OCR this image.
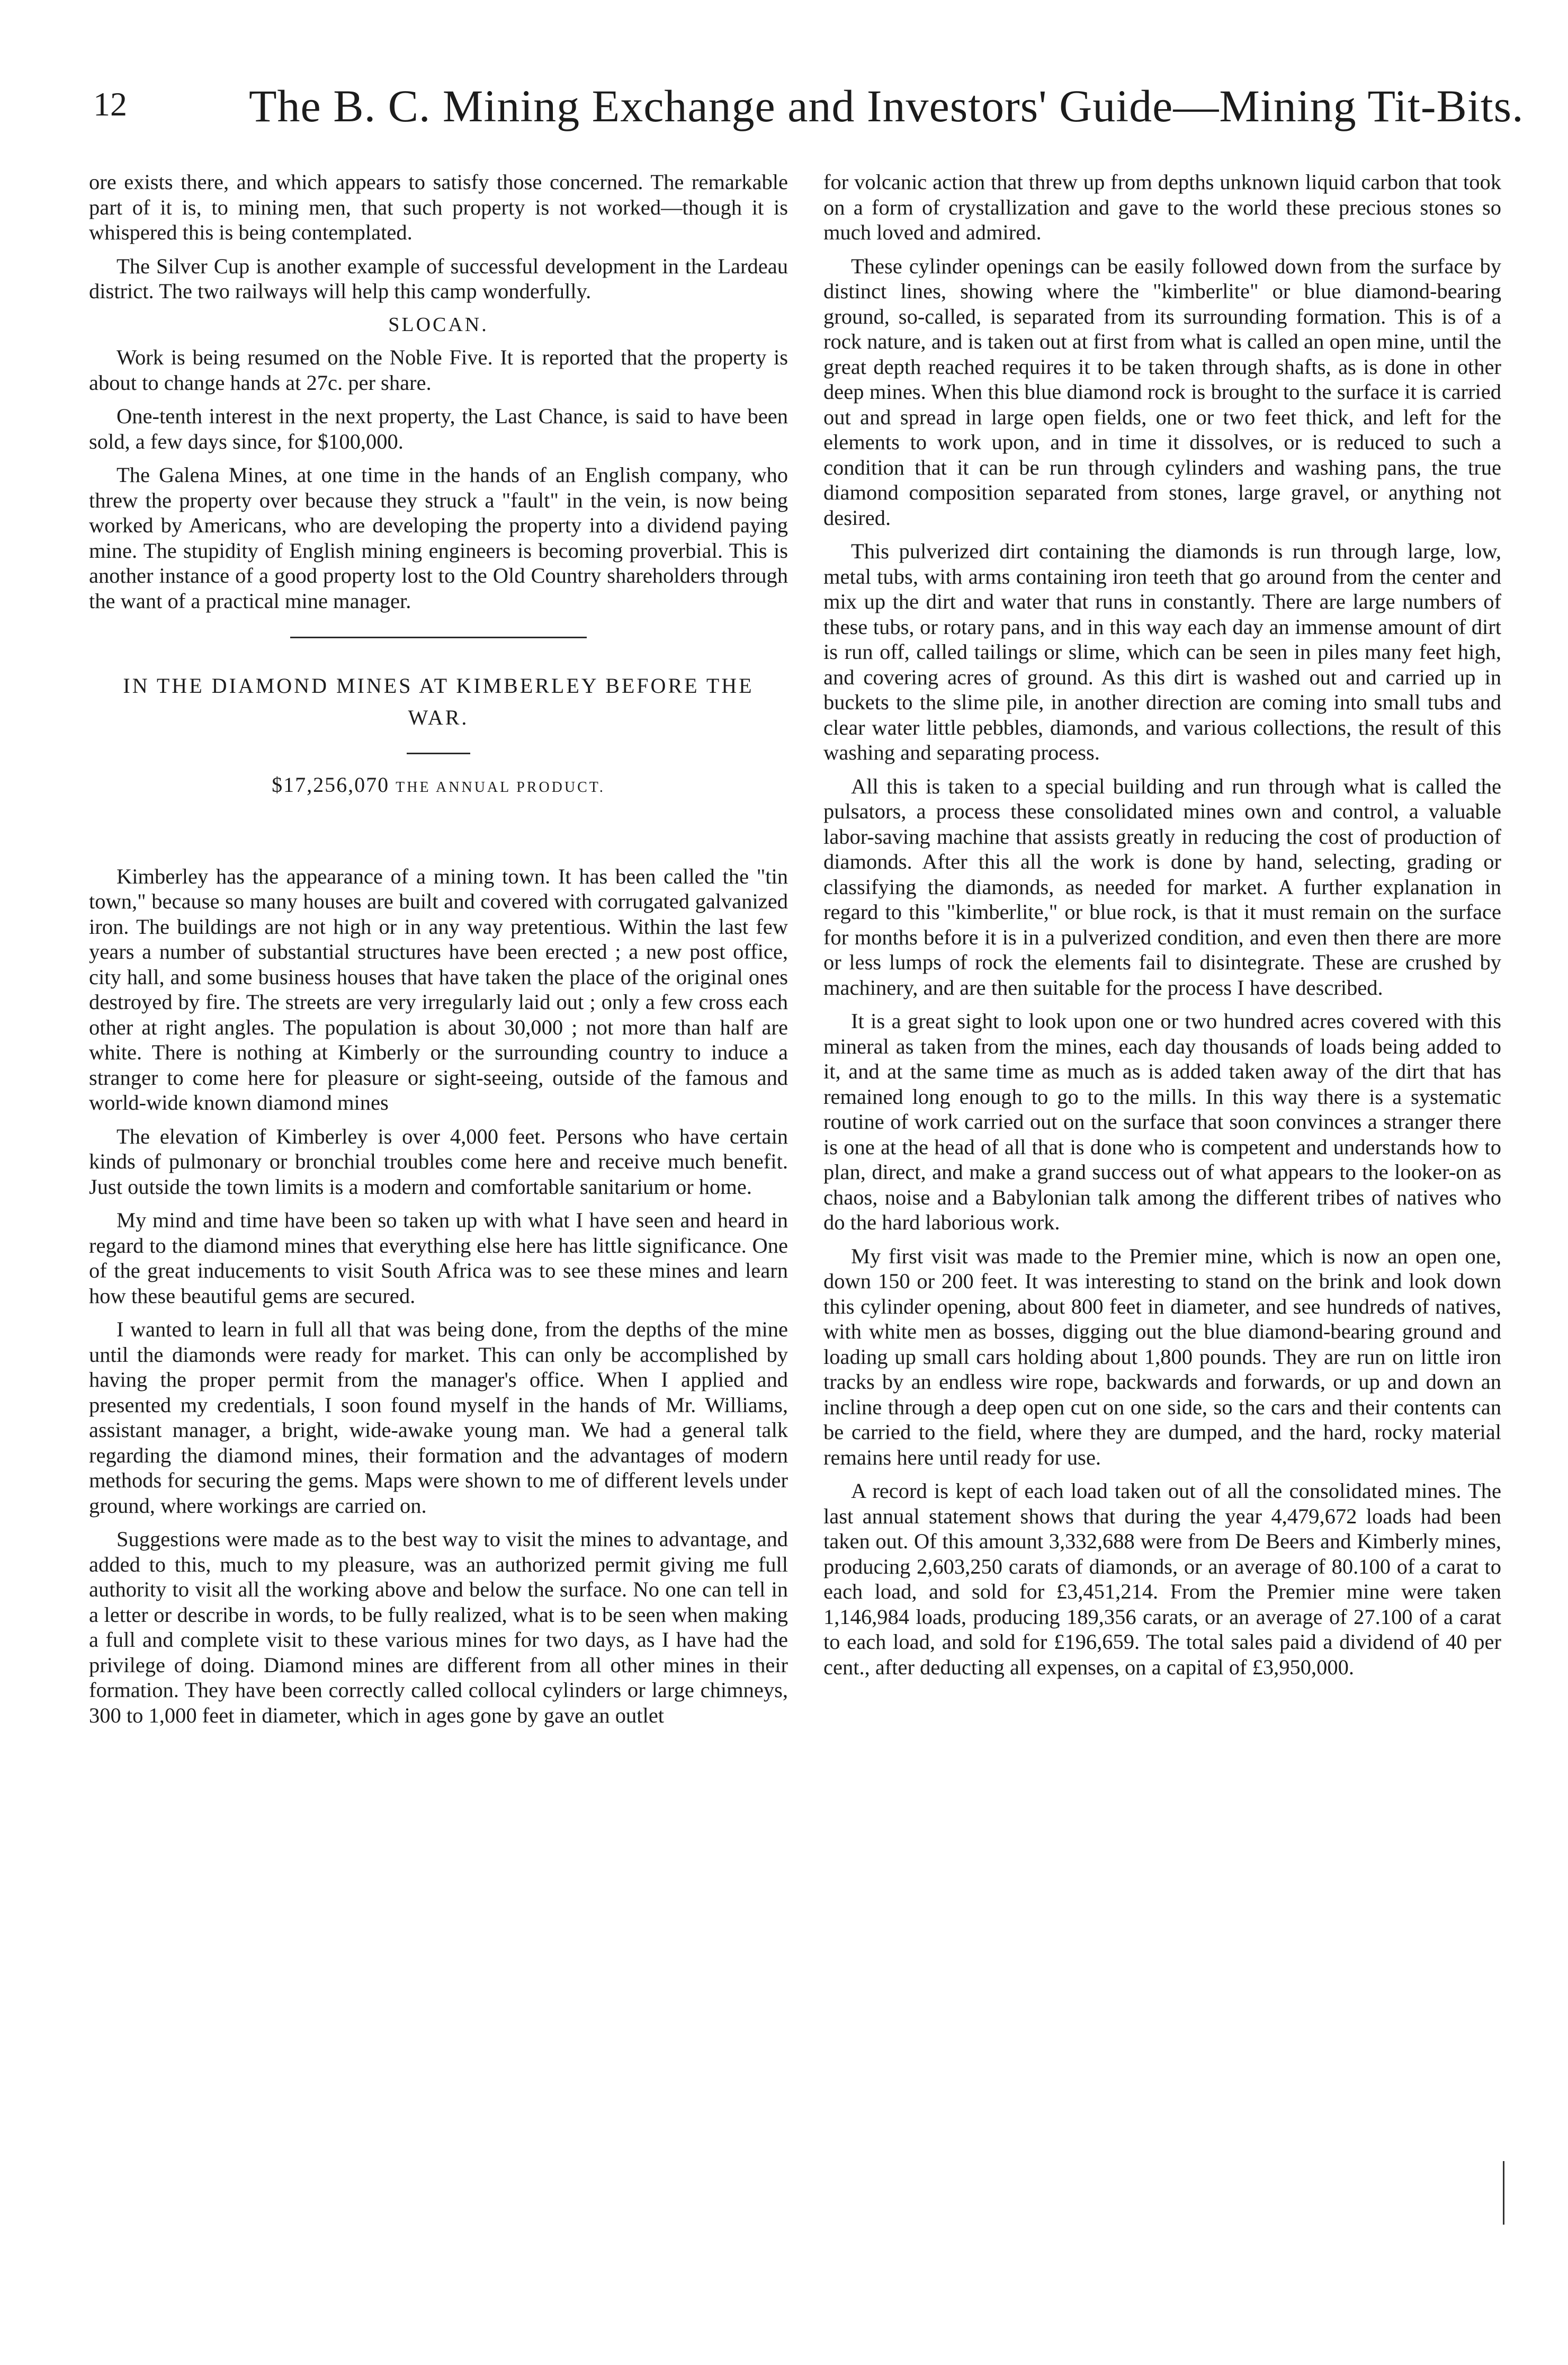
12	The B. C. Mining Exchange and Investors' Guide—Mining Tit-Bits.

ore exists there, and which appears to satisfy those concerned. The remarkable part of it is, to mining men, that such property is not worked—though it is whispered this is being contemplated.

The Silver Cup is another example of successful development in the Lardeau district. The two railways will help this camp wonderfully.

SLOCAN.

Work is being resumed on the Noble Five. It is reported that the property is about to change hands at 27c. per share.

One-tenth interest in the next property, the Last Chance, is said to have been sold, a few days since, for $100,000.

The Galena Mines, at one time in the hands of an English company, who threw the property over because they struck a "fault" in the vein, is now being worked by Americans, who are developing the property into a dividend paying mine. The stupidity of English mining engineers is becoming proverbial. This is another instance of a good property lost to the Old Country shareholders through the want of a practical mine manager.

IN THE DIAMOND MINES AT KIMBERLEY BEFORE THE WAR.
$17,256,070 THE ANNUAL PRODUCT.

Kimberley has the appearance of a mining town. It has been called the "tin town," because so many houses are built and covered with corrugated galvanized iron. The buildings are not high or in any way pretentious. Within the last few years a number of substantial structures have been erected ; a new post office, city hall, and some business houses that have taken the place of the original ones destroyed by fire. The streets are very irregularly laid out ; only a few cross each other at right angles. The population is about 30,000 ; not more than half are white. There is nothing at Kimberly or the surrounding country to induce a stranger to come here for pleasure or sight-seeing, outside of the famous and world-wide known diamond mines

The elevation of Kimberley is over 4,000 feet. Persons who have certain kinds of pulmonary or bronchial troubles come here and receive much benefit. Just outside the town limits is a modern and comfortable sanitarium or home.

My mind and time have been so taken up with what I have seen and heard in regard to the diamond mines that everything else here has little significance. One of the great inducements to visit South Africa was to see these mines and learn how these beautiful gems are secured.

I wanted to learn in full all that was being done, from the depths of the mine until the diamonds were ready for market. This can only be accomplished by having the proper permit from the manager's office. When I applied and presented my credentials, I soon found myself in the hands of Mr. Williams, assistant manager, a bright, wide-awake young man. We had a general talk regarding the diamond mines, their formation and the advantages of modern methods for securing the gems. Maps were shown to me of different levels under ground, where workings are carried on.

Suggestions were made as to the best way to visit the mines to advantage, and added to this, much to my pleasure, was an authorized permit giving me full authority to visit all the working above and below the surface. No one can tell in a letter or describe in words, to be fully realized, what is to be seen when making a full and complete visit to these various mines for two days, as I have had the privilege of doing. Diamond mines are different from all other mines in their formation. They have been correctly called collocal cylinders or large chimneys, 300 to 1,000 feet in diameter, which in ages gone by gave an outlet

for volcanic action that threw up from depths unknown liquid carbon that took on a form of crystallization and gave to the world these precious stones so much loved and admired.

These cylinder openings can be easily followed down from the surface by distinct lines, showing where the "kimberlite" or blue diamond-bearing ground, so-called, is separated from its surrounding formation. This is of a rock nature, and is taken out at first from what is called an open mine, until the great depth reached requires it to be taken through shafts, as is done in other deep mines. When this blue diamond rock is brought to the surface it is carried out and spread in large open fields, one or two feet thick, and left for the elements to work upon, and in time it dissolves, or is reduced to such a condition that it can be run through cylinders and washing pans, the true diamond composition separated from stones, large gravel, or anything not desired.

This pulverized dirt containing the diamonds is run through large, low, metal tubs, with arms containing iron teeth that go around from the center and mix up the dirt and water that runs in constantly. There are large numbers of these tubs, or rotary pans, and in this way each day an immense amount of dirt is run off, called tailings or slime, which can be seen in piles many feet high, and covering acres of ground. As this dirt is washed out and carried up in buckets to the slime pile, in another direction are coming into small tubs and clear water little pebbles, diamonds, and various collections, the result of this washing and separating process.

All this is taken to a special building and run through what is called the pulsators, a process these consolidated mines own and control, a valuable labor-saving machine that assists greatly in reducing the cost of production of diamonds. After this all the work is done by hand, selecting, grading or classifying the diamonds, as needed for market. A further explanation in regard to this "kimberlite," or blue rock, is that it must remain on the surface for months before it is in a pulverized condition, and even then there are more or less lumps of rock the elements fail to disintegrate. These are crushed by machinery, and are then suitable for the process I have described.

It is a great sight to look upon one or two hundred acres covered with this mineral as taken from the mines, each day thousands of loads being added to it, and at the same time as much as is added taken away of the dirt that has remained long enough to go to the mills. In this way there is a systematic routine of work carried out on the surface that soon convinces a stranger there is one at the head of all that is done who is competent and understands how to plan, direct, and make a grand success out of what appears to the looker-on as chaos, noise and a Babylonian talk among the different tribes of natives who do the hard laborious work.

My first visit was made to the Premier mine, which is now an open one, down 150 or 200 feet. It was interesting to stand on the brink and look down this cylinder opening, about 800 feet in diameter, and see hundreds of natives, with white men as bosses, digging out the blue diamond-bearing ground and loading up small cars holding about 1,800 pounds. They are run on little iron tracks by an endless wire rope, backwards and forwards, or up and down an incline through a deep open cut on one side, so the cars and their contents can be carried to the field, where they are dumped, and the hard, rocky material remains here until ready for use.

A record is kept of each load taken out of all the consolidated mines. The last annual statement shows that during the year 4,479,672 loads had been taken out. Of this amount 3,332,688 were from De Beers and Kimberly mines, producing 2,603,250 carats of diamonds, or an average of 80.100 of a carat to each load, and sold for £3,451,214. From the Premier mine were taken 1,146,984 loads, producing 189,356 carats, or an average of 27.100 of a carat to each load, and sold for £196,659. The total sales paid a dividend of 40 per cent., after deducting all expenses, on a capital of £3,950,000.
